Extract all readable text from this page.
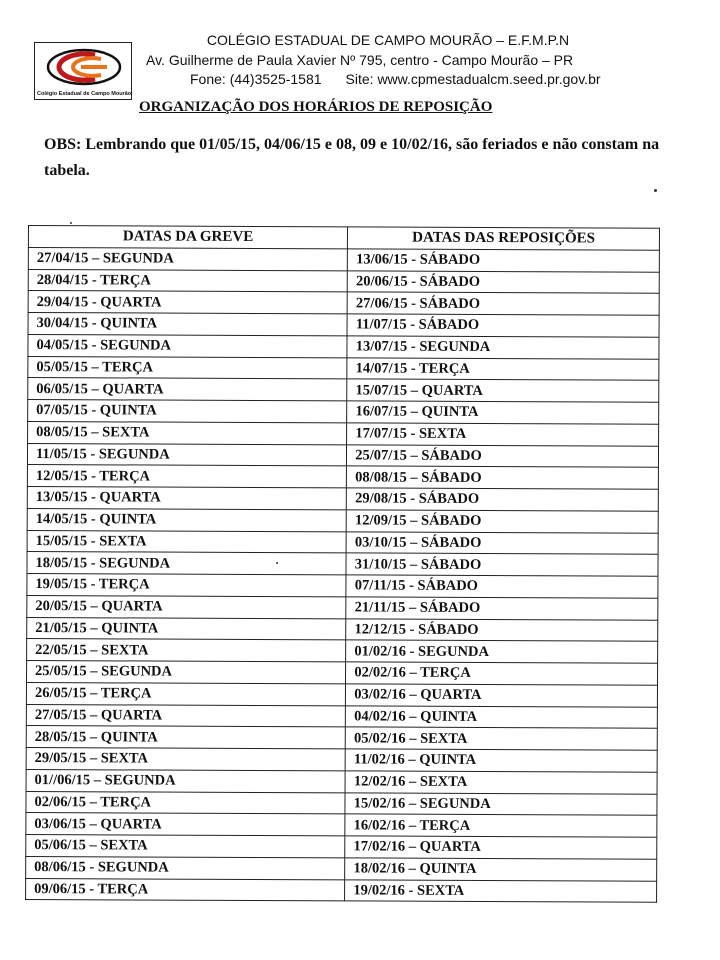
Colégio Estadual de Campo Mourão
COLÉGIO ESTADUAL DE CAMPO MOURÃO – E.F.M.P.N
Av. Guilherme de Paula Xavier Nº 795, centro - Campo Mourão – PR
Fone: (44)3525-1581 Site: www.cpmestadualcm.seed.pr.gov.br
ORGANIZAÇÃO DOS HORÁRIOS DE REPOSIÇÃO
OBS: Lembrando que 01/05/15, 04/06/15 e 08, 09 e 10/02/16, são feriados e não constam na tabela.
DATAS DA GREVE	DATAS DAS REPOSIÇÕES
27/04/15 – SEGUNDA	13/06/15 - SÁBADO
28/04/15 - TERÇA	20/06/15 - SÁBADO
29/04/15 - QUARTA	27/06/15 - SÁBADO
30/04/15 - QUINTA	11/07/15 - SÁBADO
04/05/15 - SEGUNDA	13/07/15 - SEGUNDA
05/05/15 – TERÇA	14/07/15 - TERÇA
06/05/15 – QUARTA	15/07/15 – QUARTA
07/05/15 - QUINTA	16/07/15 – QUINTA
08/05/15 – SEXTA	17/07/15 - SEXTA
11/05/15 - SEGUNDA	25/07/15 – SÁBADO
12/05/15 - TERÇA	08/08/15 – SÁBADO
13/05/15 - QUARTA	29/08/15 - SÁBADO
14/05/15 - QUINTA	12/09/15 – SÁBADO
15/05/15 - SEXTA	03/10/15 – SÁBADO
18/05/15 - SEGUNDA	31/10/15 – SÁBADO
19/05/15 - TERÇA	07/11/15 - SÁBADO
20/05/15 – QUARTA	21/11/15 – SÁBADO
21/05/15 – QUINTA	12/12/15 - SÁBADO
22/05/15 – SEXTA	01/02/16 - SEGUNDA
25/05/15 – SEGUNDA	02/02/16 – TERÇA
26/05/15 – TERÇA	03/02/16 – QUARTA
27/05/15 – QUARTA	04/02/16 – QUINTA
28/05/15 – QUINTA	05/02/16 – SEXTA
29/05/15 – SEXTA	11/02/16 – QUINTA
01//06/15 – SEGUNDA	12/02/16 – SEXTA
02/06/15 – TERÇA	15/02/16 – SEGUNDA
03/06/15 – QUARTA	16/02/16 – TERÇA
05/06/15 – SEXTA	17/02/16 – QUARTA
08/06/15 - SEGUNDA	18/02/16 – QUINTA
09/06/15 - TERÇA	19/02/16 - SEXTA
